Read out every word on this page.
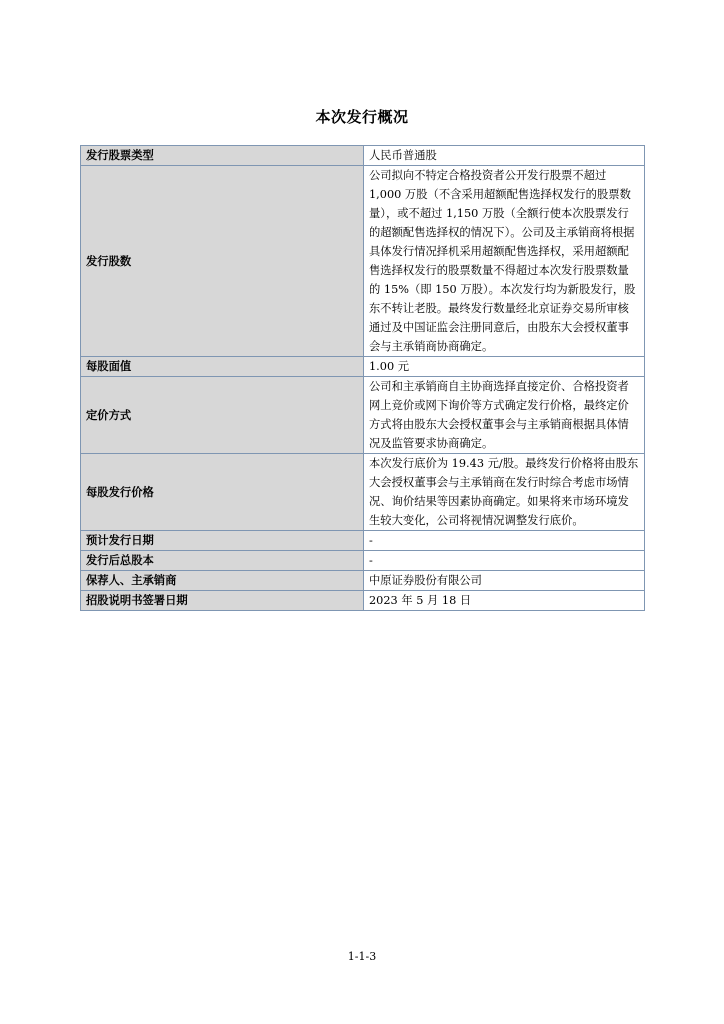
本次发行概况
发行股票类型	人民币普通股
发行股数	公司拟向不特定合格投资者公开发行股票不超过 1,000 万股（不含采用超额配售选择权发行的股票数量），或不超过 1,150 万股（全额行使本次股票发行的超额配售选择权的情况下）。公司及主承销商将根据具体发行情况择机采用超额配售选择权，采用超额配售选择权发行的股票数量不得超过本次发行股票数量的 15%（即 150 万股）。本次发行均为新股发行，股东不转让老股。最终发行数量经北京证券交易所审核通过及中国证监会注册同意后，由股东大会授权董事会与主承销商协商确定。
每股面值	1.00 元
定价方式	公司和主承销商自主协商选择直接定价、合格投资者网上竞价或网下询价等方式确定发行价格，最终定价方式将由股东大会授权董事会与主承销商根据具体情况及监管要求协商确定。
每股发行价格	本次发行底价为 19.43 元/股。最终发行价格将由股东大会授权董事会与主承销商在发行时综合考虑市场情况、询价结果等因素协商确定。如果将来市场环境发生较大变化，公司将视情况调整发行底价。
预计发行日期	-
发行后总股本	-
保荐人、主承销商	中原证券股份有限公司
招股说明书签署日期	2023 年 5 月 18 日
1-1-3
